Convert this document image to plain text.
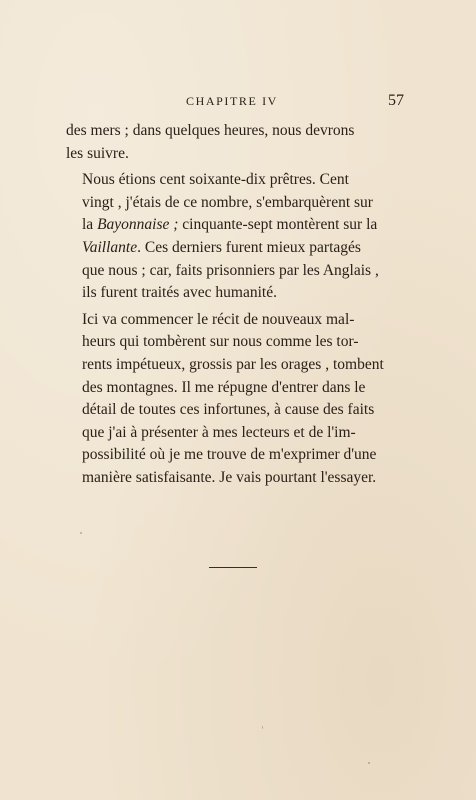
CHAPITRE IV	57

des mers ; dans quelques heures, nous devrons
les suivre.

Nous étions cent soixante-dix prêtres. Cent
vingt , j'étais de ce nombre, s'embarquèrent sur
la Bayonnaise ; cinquante-sept montèrent sur la
Vaillante. Ces derniers furent mieux partagés
que nous ; car, faits prisonniers par les Anglais ,
ils furent traités avec humanité.

Ici va commencer le récit de nouveaux mal-
heurs qui tombèrent sur nous comme les tor-
rents impétueux, grossis par les orages , tombent
des montagnes. Il me répugne d'entrer dans le
détail de toutes ces infortunes, à cause des faits
que j'ai à présenter à mes lecteurs et de l'im-
possibilité où je me trouve de m'exprimer d'une
manière satisfaisante. Je vais pourtant l'essayer.
